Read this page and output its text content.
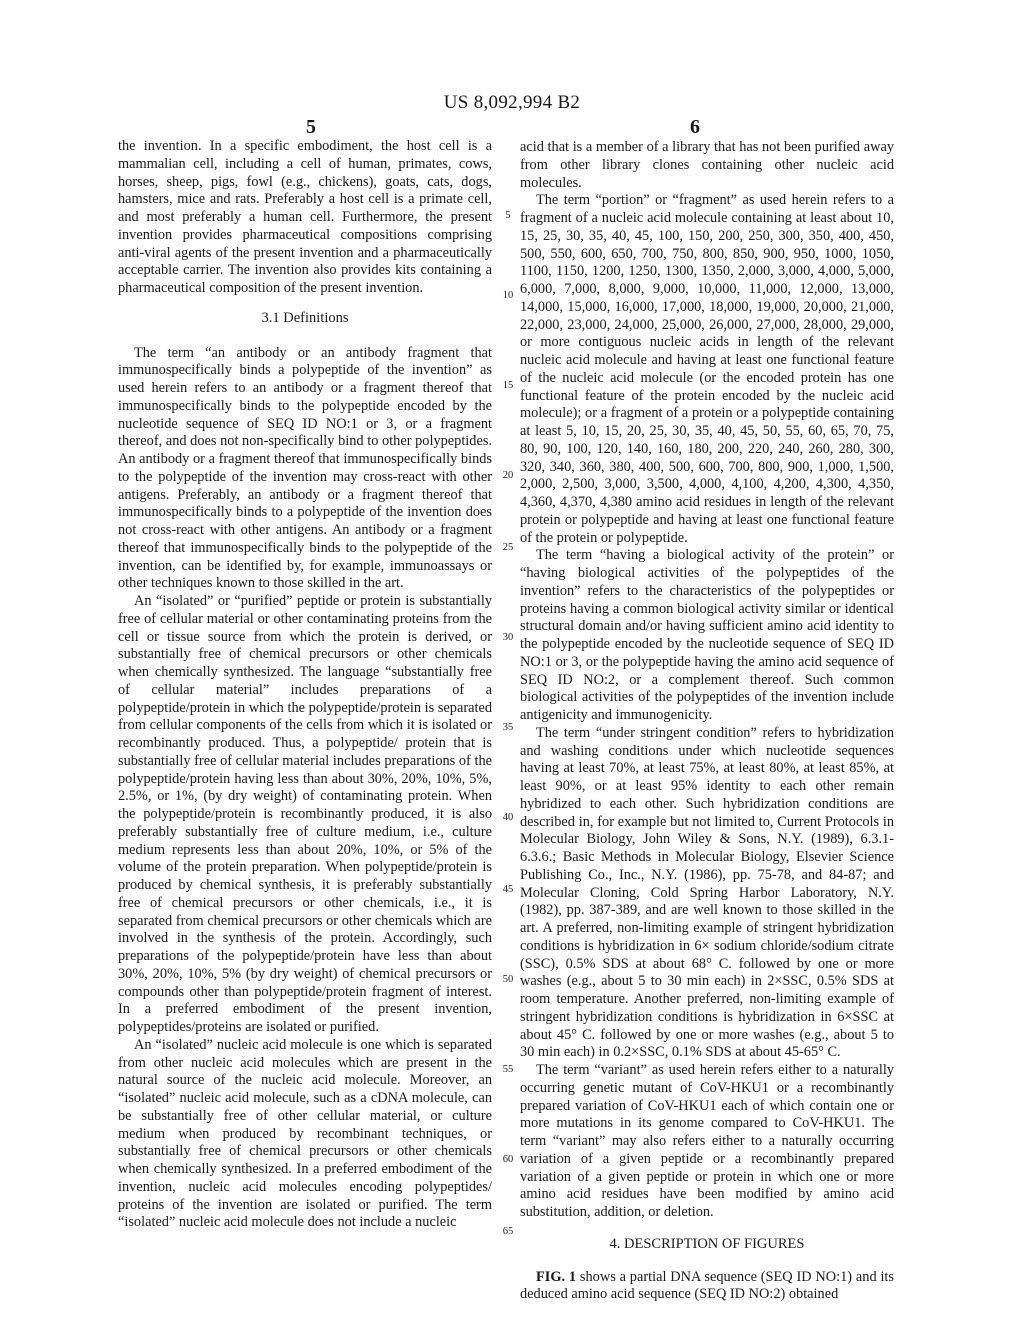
US 8,092,994 B2
5	6

the invention. In a specific embodiment, the host cell is a mammalian cell, including a cell of human, primates, cows, horses, sheep, pigs, fowl (e.g., chickens), goats, cats, dogs, hamsters, mice and rats. Preferably a host cell is a primate cell, and most preferably a human cell. Furthermore, the present invention provides pharmaceutical compositions comprising anti-viral agents of the present invention and a pharmaceutically acceptable carrier. The invention also provides kits containing a pharmaceutical composition of the present invention.

3.1 Definitions

The term “an antibody or an antibody fragment that immunospecifically binds a polypeptide of the invention” as used herein refers to an antibody or a fragment thereof that immunospecifically binds to the polypeptide encoded by the nucleotide sequence of SEQ ID NO:1 or 3, or a fragment thereof, and does not non-specifically bind to other polypeptides. An antibody or a fragment thereof that immunospecifically binds to the polypeptide of the invention may cross-react with other antigens. Preferably, an antibody or a fragment thereof that immunospecifically binds to a polypeptide of the invention does not cross-react with other antigens. An antibody or a fragment thereof that immunospecifically binds to the polypeptide of the invention, can be identified by, for example, immunoassays or other techniques known to those skilled in the art.

An “isolated” or “purified” peptide or protein is substantially free of cellular material or other contaminating proteins from the cell or tissue source from which the protein is derived, or substantially free of chemical precursors or other chemicals when chemically synthesized. The language “substantially free of cellular material” includes preparations of a polypeptide/protein in which the polypeptide/protein is separated from cellular components of the cells from which it is isolated or recombinantly produced. Thus, a polypeptide/ protein that is substantially free of cellular material includes preparations of the polypeptide/protein having less than about 30%, 20%, 10%, 5%, 2.5%, or 1%, (by dry weight) of contaminating protein. When the polypeptide/protein is recombinantly produced, it is also preferably substantially free of culture medium, i.e., culture medium represents less than about 20%, 10%, or 5% of the volume of the protein preparation. When polypeptide/protein is produced by chemical synthesis, it is preferably substantially free of chemical precursors or other chemicals, i.e., it is separated from chemical precursors or other chemicals which are involved in the synthesis of the protein. Accordingly, such preparations of the polypeptide/protein have less than about 30%, 20%, 10%, 5% (by dry weight) of chemical precursors or compounds other than polypeptide/protein fragment of interest. In a preferred embodiment of the present invention, polypeptides/proteins are isolated or purified.

An “isolated” nucleic acid molecule is one which is separated from other nucleic acid molecules which are present in the natural source of the nucleic acid molecule. Moreover, an “isolated” nucleic acid molecule, such as a cDNA molecule, can be substantially free of other cellular material, or culture medium when produced by recombinant techniques, or substantially free of chemical precursors or other chemicals when chemically synthesized. In a preferred embodiment of the invention, nucleic acid molecules encoding polypeptides/ proteins of the invention are isolated or purified. The term “isolated” nucleic acid molecule does not include a nucleic

acid that is a member of a library that has not been purified away from other library clones containing other nucleic acid molecules.

The term “portion” or “fragment” as used herein refers to a fragment of a nucleic acid molecule containing at least about 10, 15, 25, 30, 35, 40, 45, 100, 150, 200, 250, 300, 350, 400, 450, 500, 550, 600, 650, 700, 750, 800, 850, 900, 950, 1000, 1050, 1100, 1150, 1200, 1250, 1300, 1350, 2,000, 3,000, 4,000, 5,000, 6,000, 7,000, 8,000, 9,000, 10,000, 11,000, 12,000, 13,000, 14,000, 15,000, 16,000, 17,000, 18,000, 19,000, 20,000, 21,000, 22,000, 23,000, 24,000, 25,000, 26,000, 27,000, 28,000, 29,000, or more contiguous nucleic acids in length of the relevant nucleic acid molecule and having at least one functional feature of the nucleic acid molecule (or the encoded protein has one functional feature of the protein encoded by the nucleic acid molecule); or a fragment of a protein or a polypeptide containing at least 5, 10, 15, 20, 25, 30, 35, 40, 45, 50, 55, 60, 65, 70, 75, 80, 90, 100, 120, 140, 160, 180, 200, 220, 240, 260, 280, 300, 320, 340, 360, 380, 400, 500, 600, 700, 800, 900, 1,000, 1,500, 2,000, 2,500, 3,000, 3,500, 4,000, 4,100, 4,200, 4,300, 4,350, 4,360, 4,370, 4,380 amino acid residues in length of the relevant protein or polypeptide and having at least one functional feature of the protein or polypeptide.

The term “having a biological activity of the protein” or “having biological activities of the polypeptides of the invention” refers to the characteristics of the polypeptides or proteins having a common biological activity similar or identical structural domain and/or having sufficient amino acid identity to the polypeptide encoded by the nucleotide sequence of SEQ ID NO:1 or 3, or the polypeptide having the amino acid sequence of SEQ ID NO:2, or a complement thereof. Such common biological activities of the polypeptides of the invention include antigenicity and immunogenicity.

The term “under stringent condition” refers to hybridization and washing conditions under which nucleotide sequences having at least 70%, at least 75%, at least 80%, at least 85%, at least 90%, or at least 95% identity to each other remain hybridized to each other. Such hybridization conditions are described in, for example but not limited to, Current Protocols in Molecular Biology, John Wiley & Sons, N.Y. (1989), 6.3.1-6.3.6.; Basic Methods in Molecular Biology, Elsevier Science Publishing Co., Inc., N.Y. (1986), pp. 75-78, and 84-87; and Molecular Cloning, Cold Spring Harbor Laboratory, N.Y. (1982), pp. 387-389, and are well known to those skilled in the art. A preferred, non-limiting example of stringent hybridization conditions is hybridization in 6× sodium chloride/sodium citrate (SSC), 0.5% SDS at about 68° C. followed by one or more washes (e.g., about 5 to 30 min each) in 2×SSC, 0.5% SDS at room temperature. Another preferred, non-limiting example of stringent hybridization conditions is hybridization in 6×SSC at about 45° C. followed by one or more washes (e.g., about 5 to 30 min each) in 0.2×SSC, 0.1% SDS at about 45-65° C.

The term “variant” as used herein refers either to a naturally occurring genetic mutant of CoV-HKU1 or a recombinantly prepared variation of CoV-HKU1 each of which contain one or more mutations in its genome compared to CoV-HKU1. The term “variant” may also refers either to a naturally occurring variation of a given peptide or a recombinantly prepared variation of a given peptide or protein in which one or more amino acid residues have been modified by amino acid substitution, addition, or deletion.

4. DESCRIPTION OF FIGURES

FIG. 1 shows a partial DNA sequence (SEQ ID NO:1) and its deduced amino acid sequence (SEQ ID NO:2) obtained

5
10
15
20
25
30
35
40
45
50
55
60
65
